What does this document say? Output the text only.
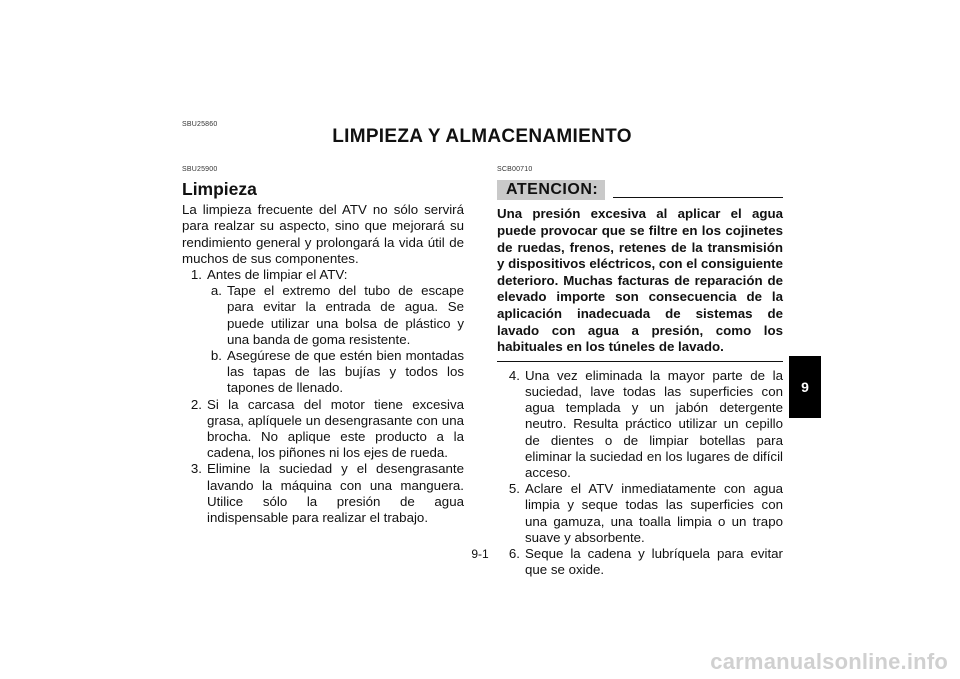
SBU25860
LIMPIEZA Y ALMACENAMIENTO
SBU25900
Limpieza

La limpieza frecuente del ATV no sólo servirá para realzar su aspecto, sino que mejorará su rendimiento general y prolongará la vida útil de muchos de sus componentes.

1. Antes de limpiar el ATV:
a. Tape el extremo del tubo de escape para evitar la entrada de agua. Se puede utilizar una bolsa de plástico y una banda de goma resistente.
b. Asegúrese de que estén bien montadas las tapas de las bujías y todos los tapones de llenado.
2. Si la carcasa del motor tiene excesiva grasa, aplíquele un desengrasante con una brocha. No aplique este producto a la cadena, los piñones ni los ejes de rueda.
3. Elimine la suciedad y el desengrasante lavando la máquina con una manguera. Utilice sólo la presión de agua indispensable para realizar el trabajo.
SCB00710
ATENCION:
Una presión excesiva al aplicar el agua puede provocar que se filtre en los cojinetes de ruedas, frenos, retenes de la transmisión y dispositivos eléctricos, con el consiguiente deterioro. Muchas facturas de reparación de elevado importe son consecuencia de la aplicación inadecuada de sistemas de lavado con agua a presión, como los habituales en los túneles de lavado.
4. Una vez eliminada la mayor parte de la suciedad, lave todas las superficies con agua templada y un jabón detergente neutro. Resulta práctico utilizar un cepillo de dientes o de limpiar botellas para eliminar la suciedad en los lugares de difícil acceso.
5. Aclare el ATV inmediatamente con agua limpia y seque todas las superficies con una gamuza, una toalla limpia o un trapo suave y absorbente.
6. Seque la cadena y lubríquela para evitar que se oxide.
9
9-1
carmanualsonline.info
